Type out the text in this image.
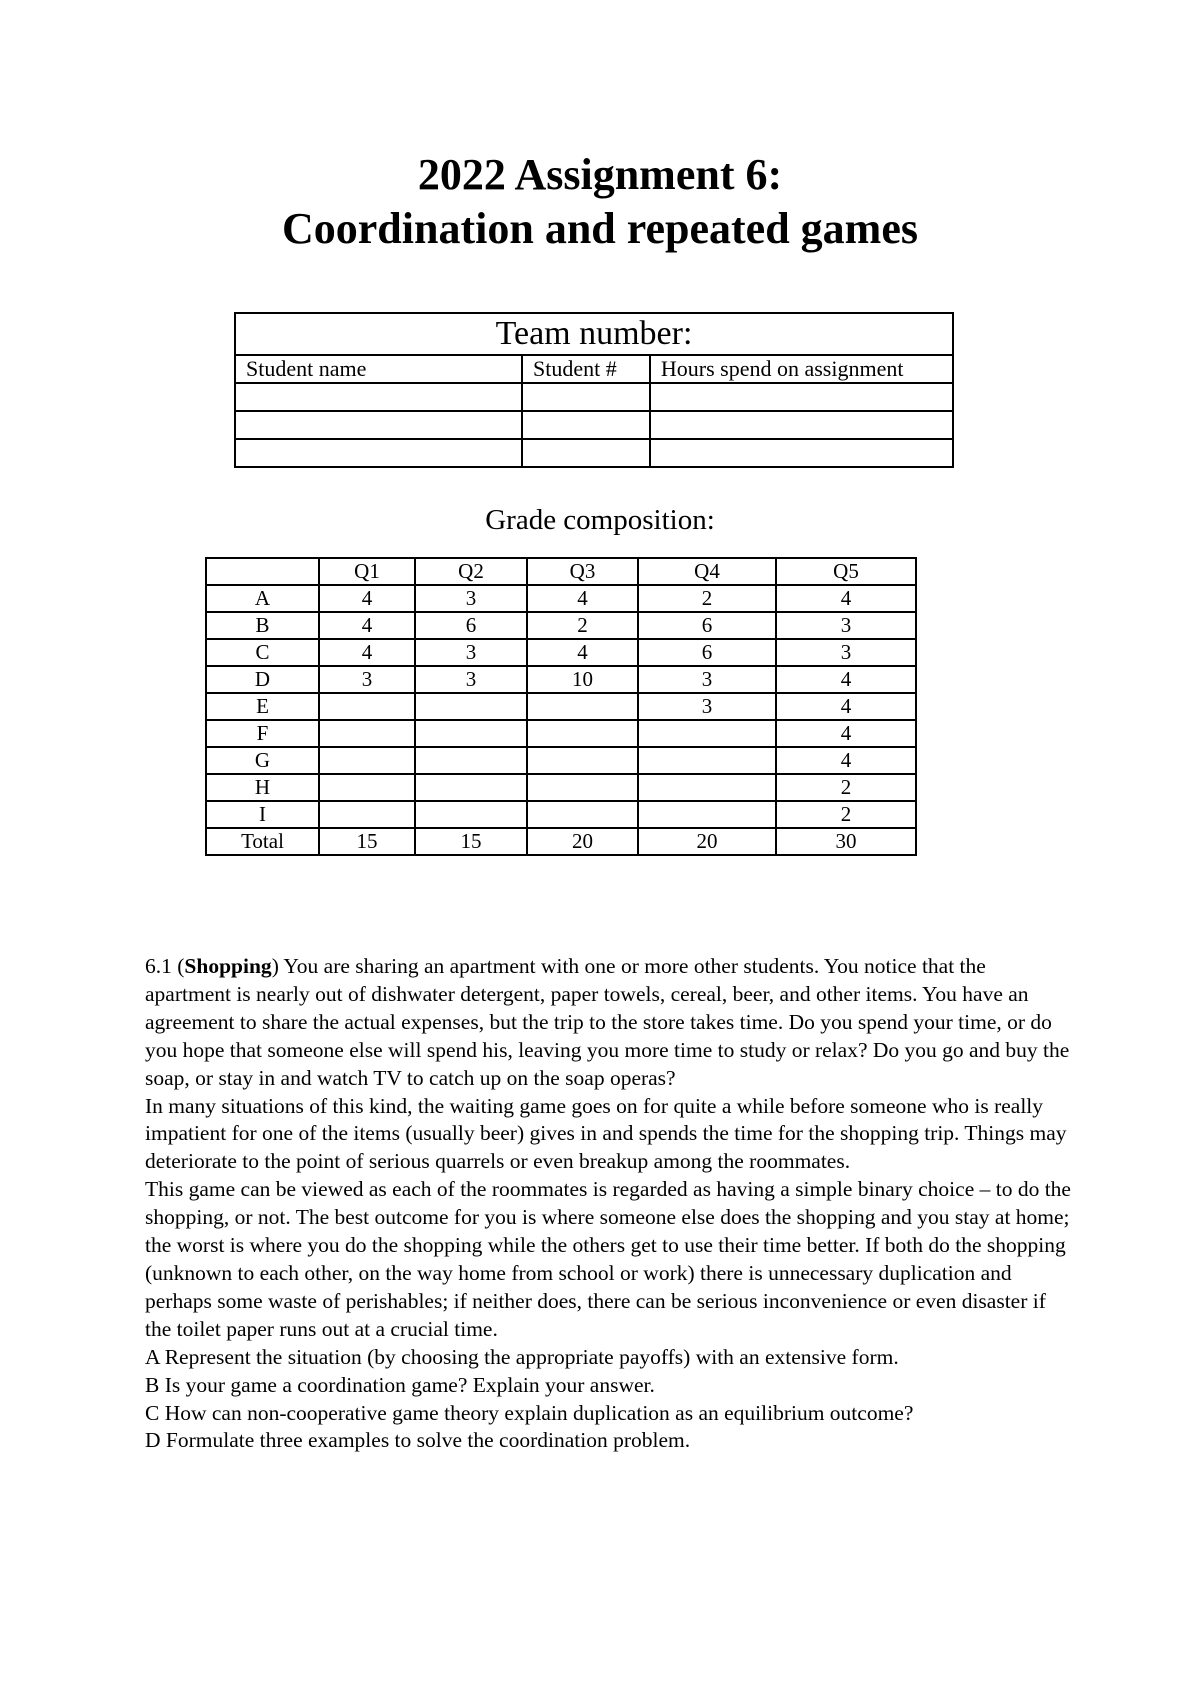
2022 Assignment 6:
Coordination and repeated games
Team number:		
Student name	Student #	Hours spend on assignment

Grade composition:
	Q1	Q2	Q3	Q4	Q5
A	4	3	4	2	4
B	4	6	2	6	3
C	4	3	4	6	3
D	3	3	10	3	4
E				3	4
F					4
G					4
H					2
I					2
Total	15	15	20	20	30

6.1 (Shopping) You are sharing an apartment with one or more other students. You notice that the apartment is nearly out of dishwater detergent, paper towels, cereal, beer, and other items. You have an agreement to share the actual expenses, but the trip to the store takes time. Do you spend your time, or do you hope that someone else will spend his, leaving you more time to study or relax? Do you go and buy the soap, or stay in and watch TV to catch up on the soap operas?

In many situations of this kind, the waiting game goes on for quite a while before someone who is really impatient for one of the items (usually beer) gives in and spends the time for the shopping trip. Things may deteriorate to the point of serious quarrels or even breakup among the roommates.

This game can be viewed as each of the roommates is regarded as having a simple binary choice – to do the shopping, or not. The best outcome for you is where someone else does the shopping and you stay at home; the worst is where you do the shopping while the others get to use their time better. If both do the shopping (unknown to each other, on the way home from school or work) there is unnecessary duplication and perhaps some waste of perishables; if neither does, there can be serious inconvenience or even disaster if the toilet paper runs out at a crucial time.

A Represent the situation (by choosing the appropriate payoffs) with an extensive form.

B Is your game a coordination game? Explain your answer.

C How can non-cooperative game theory explain duplication as an equilibrium outcome?

D Formulate three examples to solve the coordination problem.
